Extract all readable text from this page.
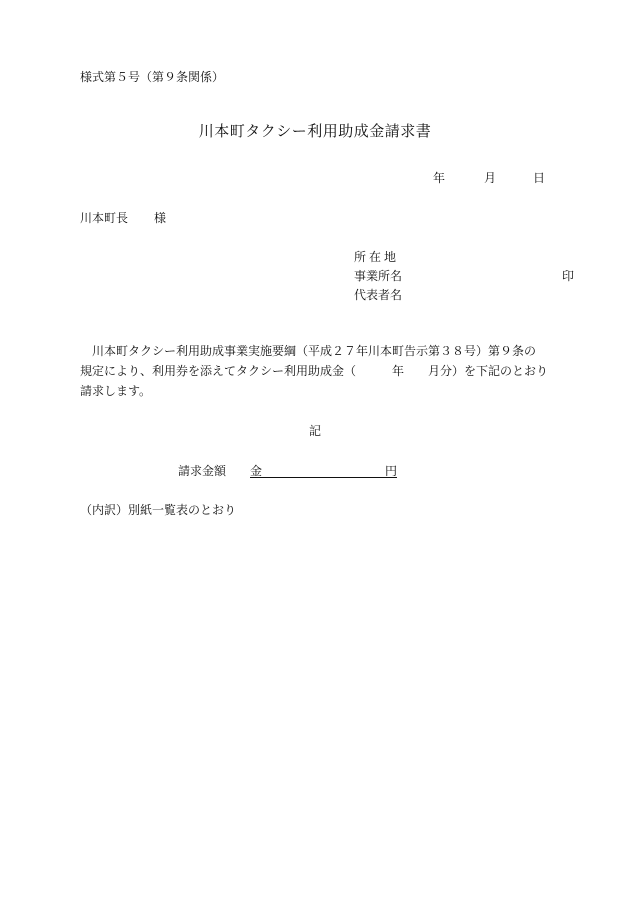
様式第５号（第９条関係）
川本町タクシー利用助成金請求書
年	月	日
川本町長 様
所在地
事業所名
代表者名
印
　川本町タクシー利用助成事業実施要綱（平成２７年川本町告示第３８号）第９条の
規定により、利用券を添えてタクシー利用助成金（　　　年　　月分）を下記のとおり
請求します。
記
請求金額 金	円
（内訳）別紙一覧表のとおり
